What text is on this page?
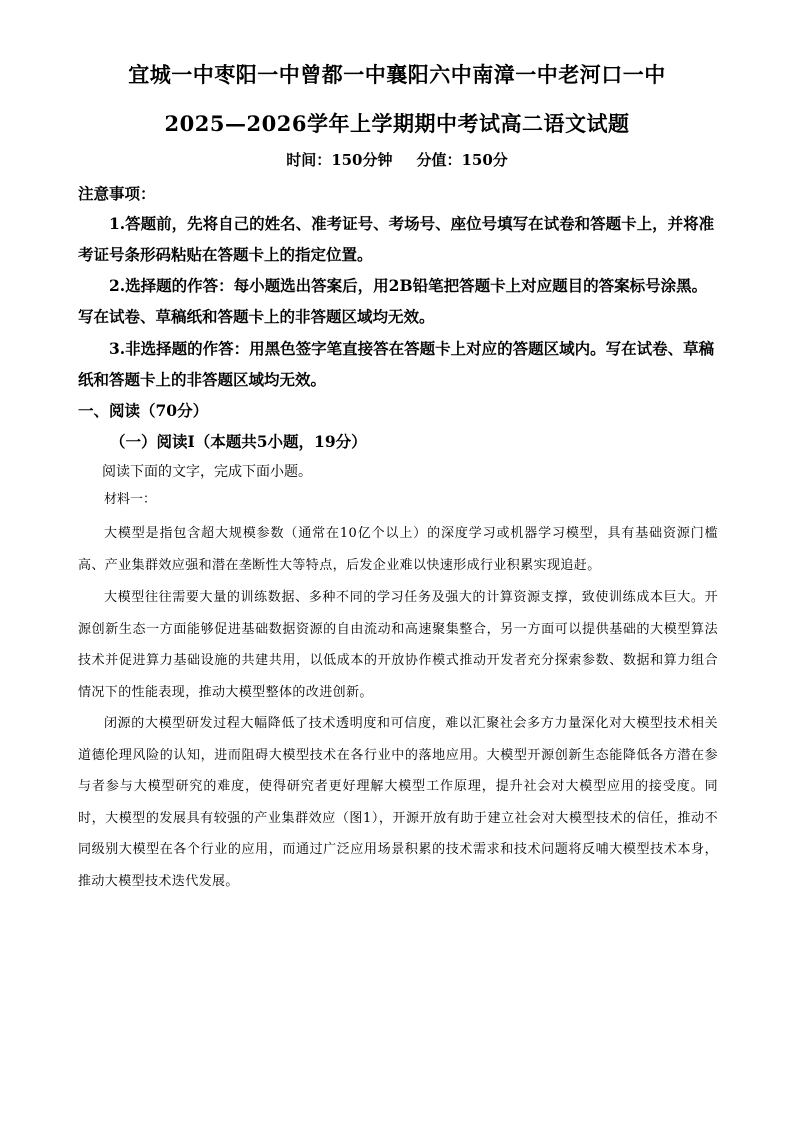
宜城一中枣阳一中曾都一中襄阳六中南漳一中老河口一中
2025—2026学年上学期期中考试高二语文试题
时间：150分钟 分值：150分
注意事项：

1.答题前，先将自己的姓名、准考证号、考场号、座位号填写在试卷和答题卡上，并将准考证号条形码粘贴在答题卡上的指定位置。

2.选择题的作答：每小题选出答案后，用2B铅笔把答题卡上对应题目的答案标号涂黑。写在试卷、草稿纸和答题卡上的非答题区域均无效。

3.非选择题的作答：用黑色签字笔直接答在答题卡上对应的答题区域内。写在试卷、草稿纸和答题卡上的非答题区域均无效。

一、阅读（70分）
（一）阅读Ⅰ（本题共5小题，19分）
阅读下面的文字，完成下面小题。
材料一：

大模型是指包含超大规模参数（通常在10亿个以上）的深度学习或机器学习模型，具有基础资源门槛高、产业集群效应强和潜在垄断性大等特点，后发企业难以快速形成行业积累实现追赶。

大模型往往需要大量的训练数据、多种不同的学习任务及强大的计算资源支撑，致使训练成本巨大。开源创新生态一方面能够促进基础数据资源的自由流动和高速聚集整合，另一方面可以提供基础的大模型算法技术并促进算力基础设施的共建共用，以低成本的开放协作模式推动开发者充分探索参数、数据和算力组合情况下的性能表现，推动大模型整体的改进创新。

闭源的大模型研发过程大幅降低了技术透明度和可信度，难以汇聚社会多方力量深化对大模型技术相关道德伦理风险的认知，进而阻碍大模型技术在各行业中的落地应用。大模型开源创新生态能降低各方潜在参与者参与大模型研究的难度，使得研究者更好理解大模型工作原理，提升社会对大模型应用的接受度。同时，大模型的发展具有较强的产业集群效应（图1），开源开放有助于建立社会对大模型技术的信任，推动不同级别大模型在各个行业的应用，而通过广泛应用场景积累的技术需求和技术问题将反哺大模型技术本身，推动大模型技术迭代发展。
